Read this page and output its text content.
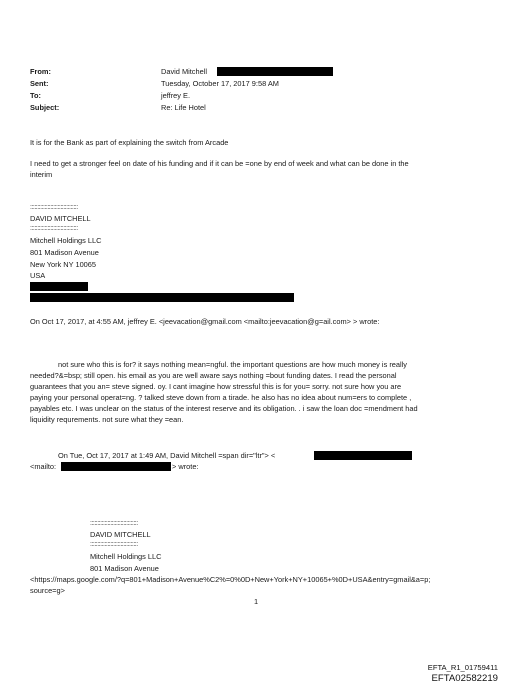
From:
Sent:
To:
Subject:
David Mitchell
Tuesday, October 17, 2017 9:58 AM
jeffrey E.
Re: Life Hotel
It is for the Bank as part of explaining the switch from Arcade
I need to get a stronger feel on date of his funding and if it can be =one by end of week and what can be done in the
interim
:::::::::::::::::::::::::::::::::
DAVID MITCHELL
:::::::::::::::::::::::::::::::::
Mitchell Holdings LLC
801 Madison Avenue
New York NY 10065
USA
On Oct 17, 2017, at 4:55 AM, jeffrey E. <jeevacation@gmail.com <mailto:jeevacation@g=ail.com> > wrote:
not sure who this is for? it says nothing mean=ngful. the important questions are how much money is really
needed?&=bsp; still open. his email as you are well aware says nothing =bout funding dates. I read the personal
guarantees that you an= steve signed. oy. I cant imagine how stressful this is for you= sorry. not sure how you are
paying your personal operat=ng. ? talked steve down from a tirade. he also has no idea about num=ers to complete ,
payables etc. I was unclear on the status of the interest reserve and its obligation. . i saw the loan doc =mendment had
liquidity requrements. not sure what they =ean.
On Tue, Oct 17, 2017 at 1:49 AM, David Mitchell =span dir="ltr"> <
<mailto:	> wrote:
:::::::::::::::::::::::::::::::::
DAVID MITCHELL
:::::::::::::::::::::::::::::::::
Mitchell Holdings LLC
801 Madison Avenue
<https://maps.google.com/?q=801+Madison+Avenue%C2%=0%0D+New+York+NY+10065+%0D+USA&entry=gmail&a=p;
source=g>
1
EFTA_R1_01759411
EFTA02582219
